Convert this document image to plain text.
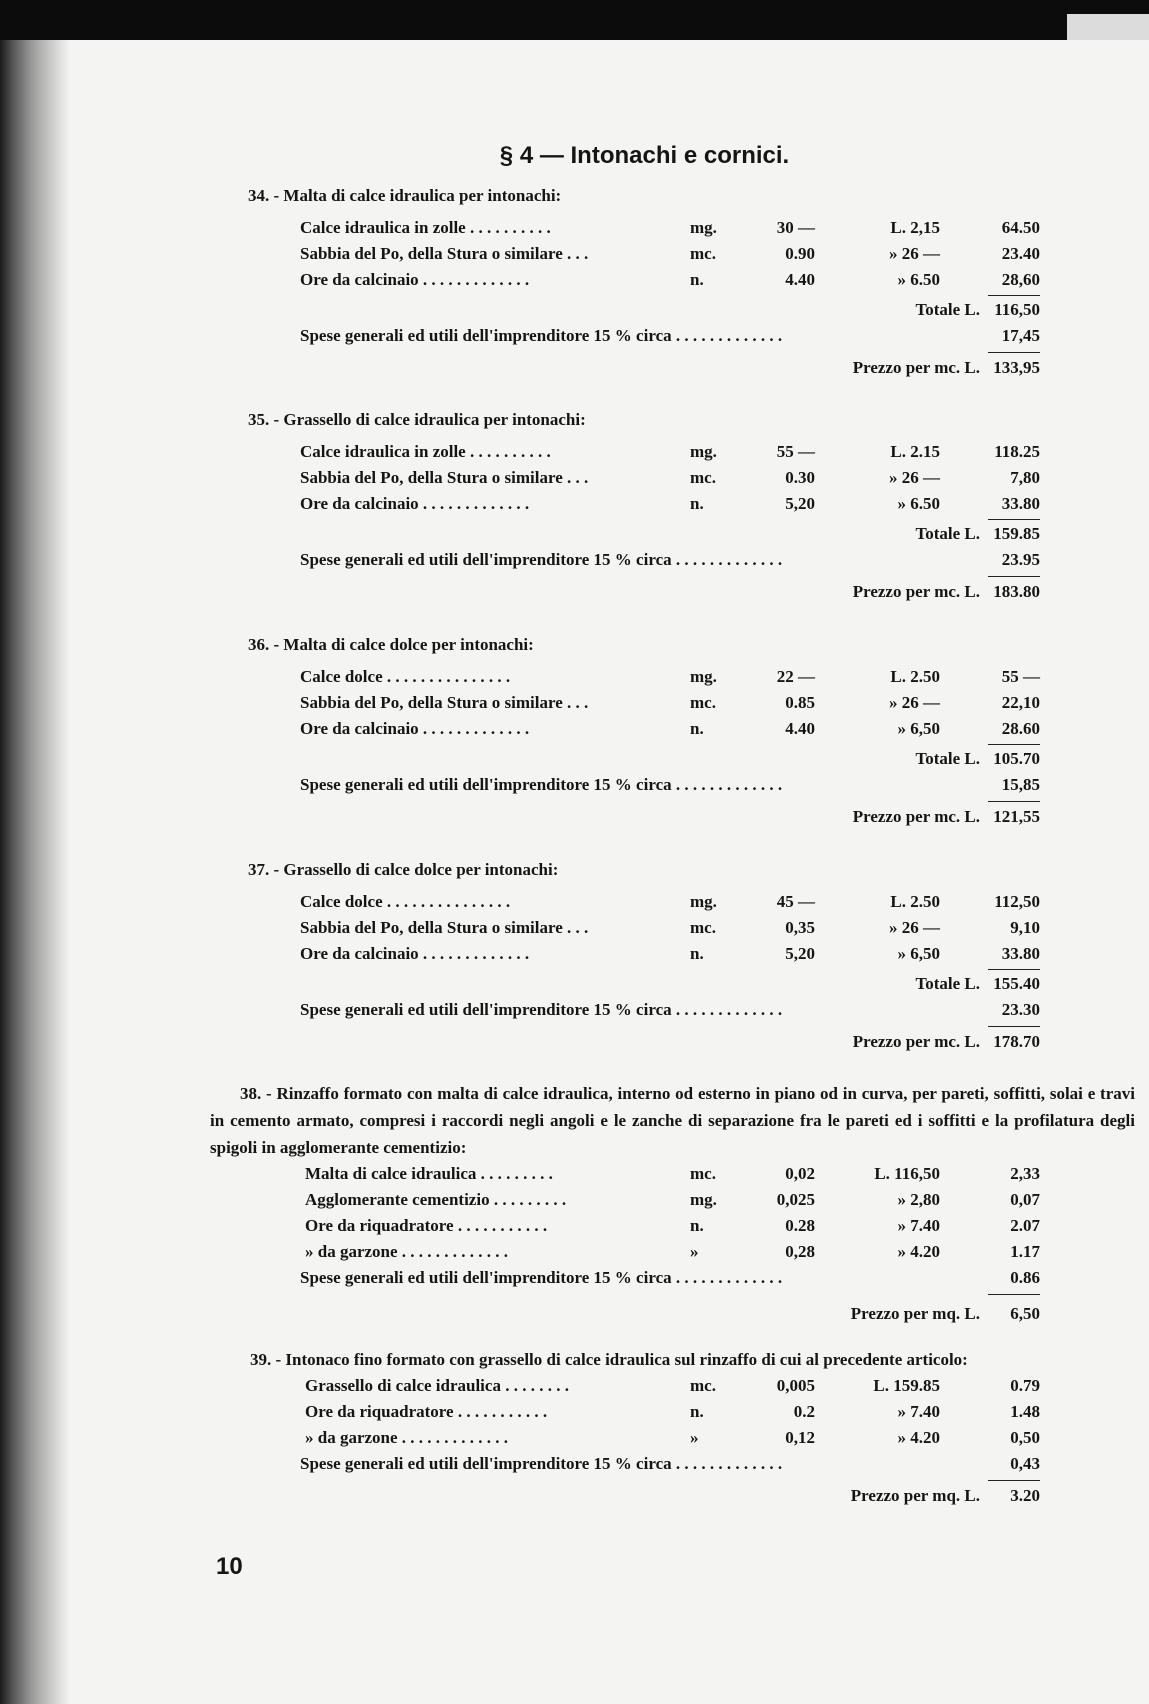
§ 4 — Intonachi e cornici.
34. - Malta di calce idraulica per intonachi:
Calce idraulica in zolle . . . . . . . . . .	mg.	30 —	L. 2,15	64.50
Sabbia del Po, della Stura o similare . . .	mc.	0.90	» 26 —	23.40
Ore da calcinaio . . . . . . . . . . . . .	n.	4.40	» 6.50	28,60
Totale L. 116,50
Spese generali ed utili dell'imprenditore 15 % circa . . . . . . . . . . . . .	17,45
Prezzo per mc. L. 133,95
35. - Grassello di calce idraulica per intonachi:
Calce idraulica in zolle . . . . . . . . . .	mg.	55 —	L. 2.15	118.25
Sabbia del Po, della Stura o similare . . .	mc.	0.30	» 26 —	7,80
Ore da calcinaio . . . . . . . . . . . . .	n.	5,20	» 6.50	33.80
Totale L. 159.85
Spese generali ed utili dell'imprenditore 15 % circa . . . . . . . . . . . . .	23.95
Prezzo per mc. L. 183.80
36. - Malta di calce dolce per intonachi:
Calce dolce . . . . . . . . . . . . . . .	mg.	22 —	L. 2.50	55 —
Sabbia del Po, della Stura o similare . . .	mc.	0.85	» 26 —	22,10
Ore da calcinaio . . . . . . . . . . . . .	n.	4.40	» 6,50	28.60
Totale L. 105.70
Spese generali ed utili dell'imprenditore 15 % circa . . . . . . . . . . . . .	15,85
Prezzo per mc. L. 121,55
37. - Grassello di calce dolce per intonachi:
Calce dolce . . . . . . . . . . . . . . .	mg.	45 —	L. 2.50	112,50
Sabbia del Po, della Stura o similare . . .	mc.	0,35	» 26 —	9,10
Ore da calcinaio . . . . . . . . . . . . .	n.	5,20	» 6,50	33.80
Totale L. 155.40
Spese generali ed utili dell'imprenditore 15 % circa . . . . . . . . . . . . .	23.30
Prezzo per mc. L. 178.70
38. - Rinzaffo formato con malta di calce idraulica, interno od esterno in piano od in curva, per pareti, soffitti, solai e travi in cemento armato, compresi i raccordi negli angoli e le zanche di separazione fra le pareti ed i soffitti e la profilatura degli spigoli in agglomerante cementizio:
Malta di calce idraulica . . . . . . . . .	mc.	0,02	L. 116,50	2,33
Agglomerante cementizio . . . . . . . . .	mg.	0,025	» 2,80	0,07
Ore da riquadratore . . . . . . . . . . .	n.	0.28	» 7.40	2.07
» da garzone . . . . . . . . . . . . .	»	0,28	» 4.20	1.17
Spese generali ed utili dell'imprenditore 15 % circa . . . . . . . . . . . . .	0.86
Prezzo per mq. L.	6,50
39. - Intonaco fino formato con grassello di calce idraulica sul rinzaffo di cui al precedente articolo:
Grassello di calce idraulica . . . . . . . .	mc.	0,005	L. 159.85	0.79
Ore da riquadratore . . . . . . . . . . .	n.	0.2	» 7.40	1.48
» da garzone . . . . . . . . . . . . .	»	0,12	» 4.20	0,50
Spese generali ed utili dell'imprenditore 15 % circa . . . . . . . . . . . . .	0,43
Prezzo per mq. L.	3.20
10
